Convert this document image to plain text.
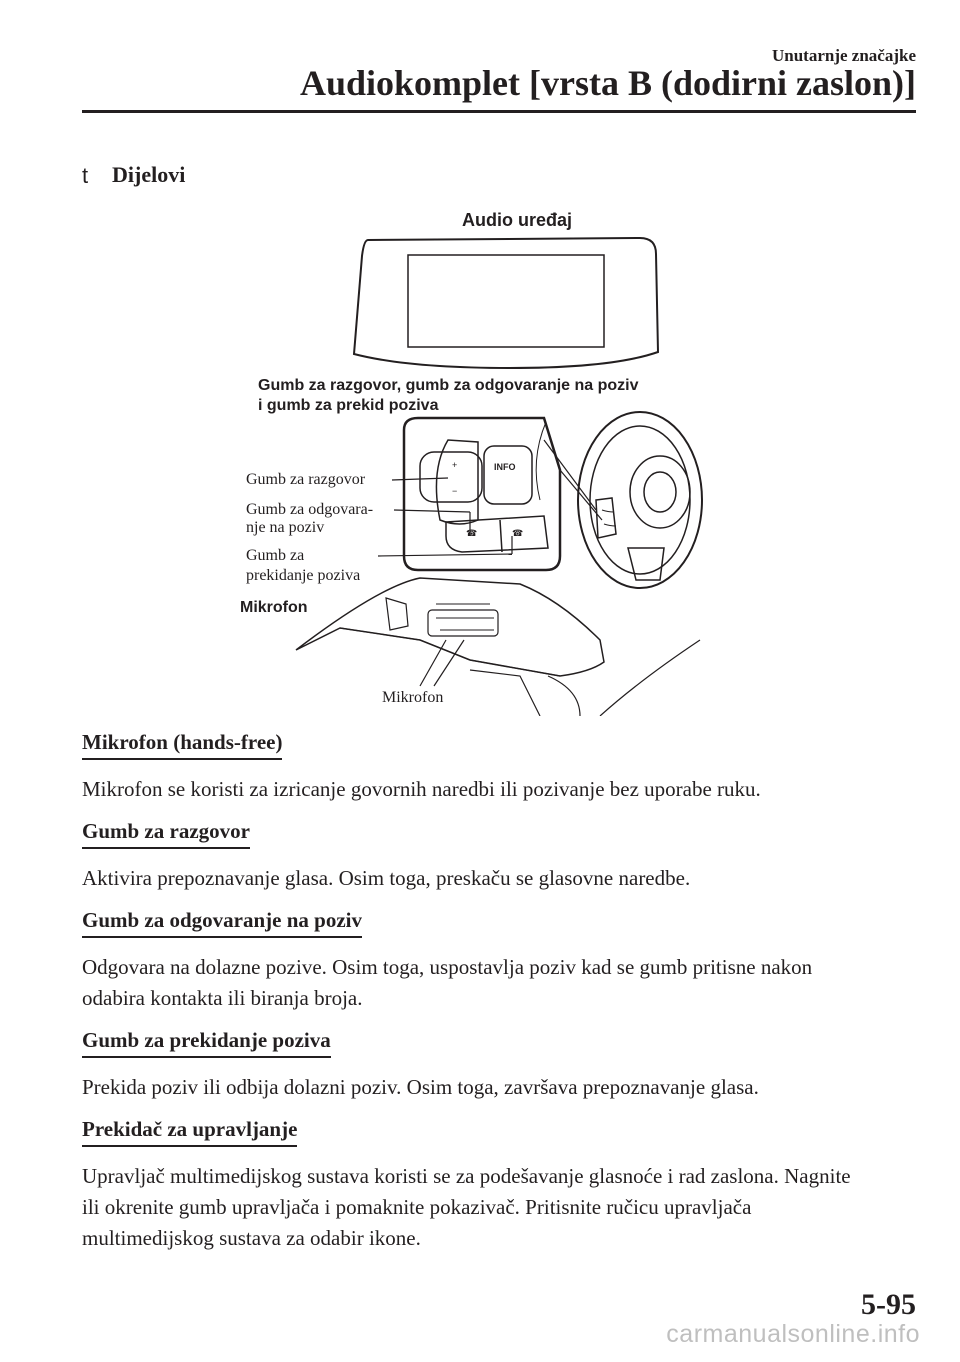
Unutarnje značajke
Audiokomplet [vrsta B (dodirni zaslon)]
t Dijelovi
+
−
INFO
☎	☎
Audio uređaj
Gumb za razgovor, gumb za odgovaranje na poziv
i gumb za prekid poziva
Gumb za razgovor
Gumb za odgovara-
nje na poziv
Gumb za
prekidanje poziva
Mikrofon
Mikrofon
Mikrofon (hands-free)

Mikrofon se koristi za izricanje govornih naredbi ili pozivanje bez uporabe ruku.

Gumb za razgovor

Aktivira prepoznavanje glasa. Osim toga, preskaču se glasovne naredbe.

Gumb za odgovaranje na poziv

Odgovara na dolazne pozive. Osim toga, uspostavlja poziv kad se gumb pritisne nakon
odabira kontakta ili biranja broja.

Gumb za prekidanje poziva

Prekida poziv ili odbija dolazni poziv. Osim toga, završava prepoznavanje glasa.

Prekidač za upravljanje

Upravljač multimedijskog sustava koristi se za podešavanje glasnoće i rad zaslona. Nagnite
ili okrenite gumb upravljača i pomaknite pokazivač. Pritisnite ručicu upravljača
multimedijskog sustava za odabir ikone.

5-95
carmanualsonline.info
